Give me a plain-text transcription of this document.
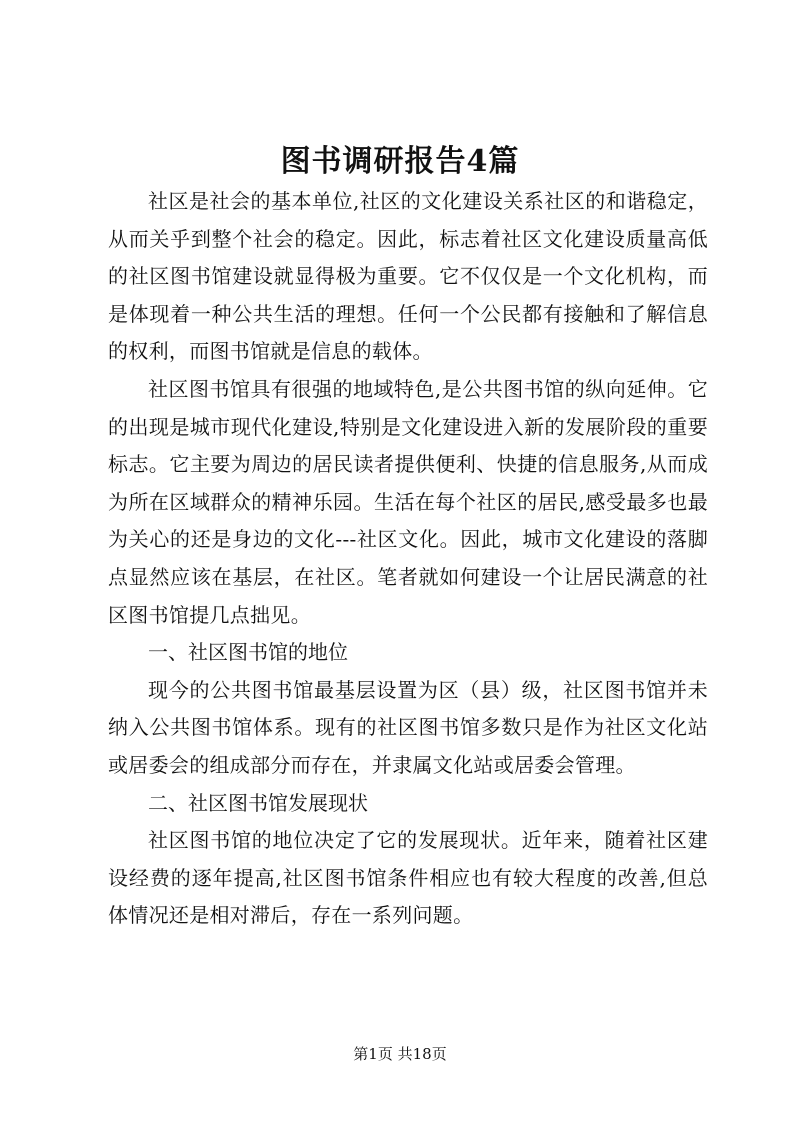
图书调研报告4篇

社区是社会的基本单位,社区的文化建设关系社区的和谐稳定，从而关乎到整个社会的稳定。因此，标志着社区文化建设质量高低的社区图书馆建设就显得极为重要。它不仅仅是一个文化机构，而是体现着一种公共生活的理想。任何一个公民都有接触和了解信息的权利，而图书馆就是信息的载体。

社区图书馆具有很强的地域特色,是公共图书馆的纵向延伸。它的出现是城市现代化建设,特别是文化建设进入新的发展阶段的重要标志。它主要为周边的居民读者提供便利、快捷的信息服务,从而成为所在区域群众的精神乐园。生活在每个社区的居民,感受最多也最为关心的还是身边的文化---社区文化。因此，城市文化建设的落脚点显然应该在基层，在社区。笔者就如何建设一个让居民满意的社区图书馆提几点拙见。

一、社区图书馆的地位

现今的公共图书馆最基层设置为区（县）级，社区图书馆并未纳入公共图书馆体系。现有的社区图书馆多数只是作为社区文化站或居委会的组成部分而存在，并隶属文化站或居委会管理。

二、社区图书馆发展现状

社区图书馆的地位决定了它的发展现状。近年来，随着社区建设经费的逐年提高,社区图书馆条件相应也有较大程度的改善,但总体情况还是相对滞后，存在一系列问题。

第1页 共18页
